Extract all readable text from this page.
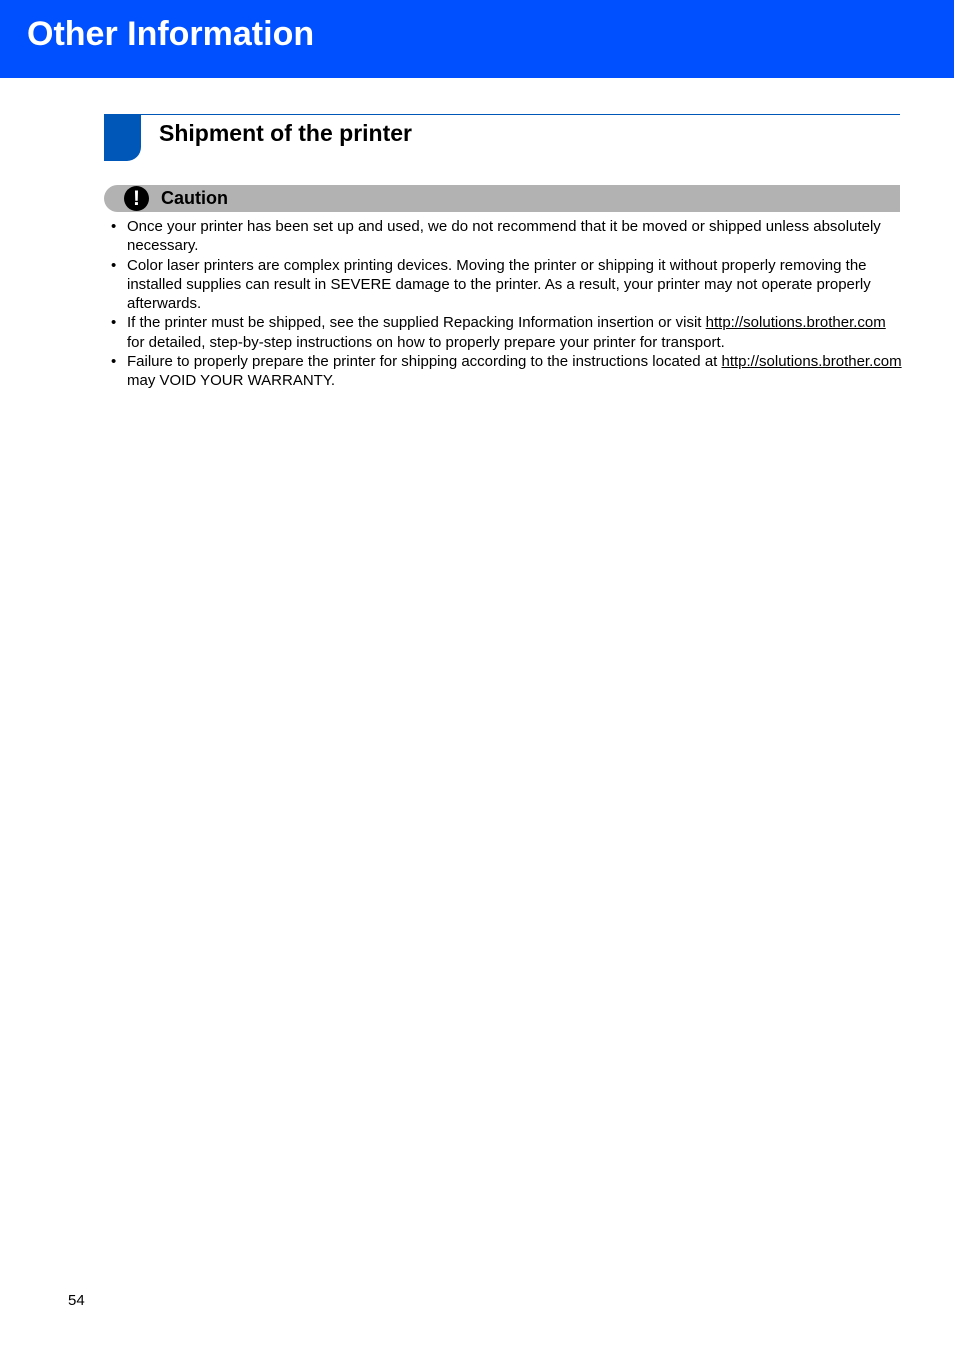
Other Information
Shipment of the printer
!	Caution
• Once your printer has been set up and used, we do not recommend that it be moved or shipped unless absolutely necessary.
• Color laser printers are complex printing devices. Moving the printer or shipping it without properly removing the installed supplies can result in SEVERE damage to the printer. As a result, your printer may not operate properly afterwards.
• If the printer must be shipped, see the supplied Repacking Information insertion or visit http://solutions.brother.com for detailed, step-by-step instructions on how to properly prepare your printer for transport.
• Failure to properly prepare the printer for shipping according to the instructions located at http://solutions.brother.com may VOID YOUR WARRANTY.
54
